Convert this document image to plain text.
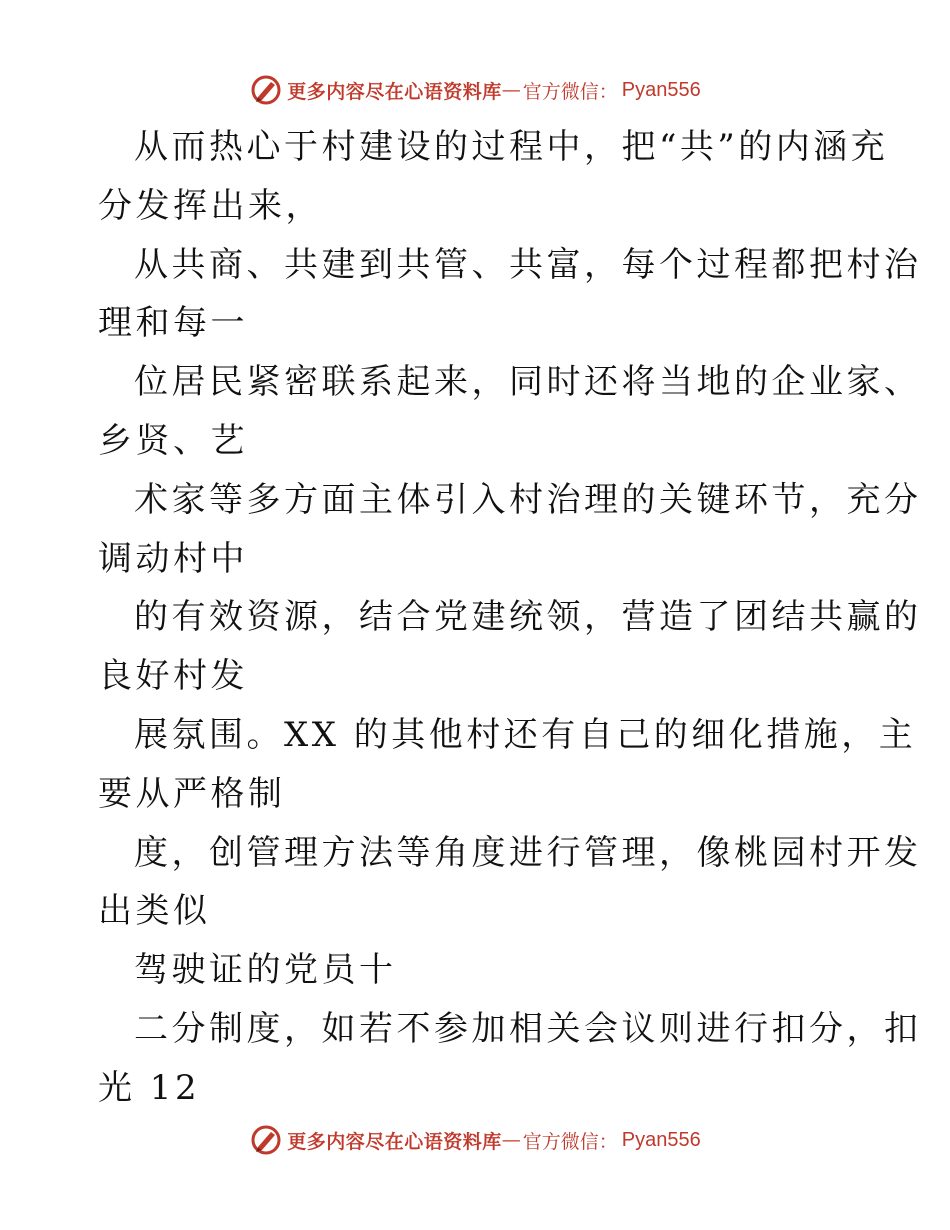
更多内容尽在心语资料库 — 官方微信： Pyan556
从而热心于村建设的过程中，把“共”的内涵充
分发挥出来，
从共商、共建到共管、共富，每个过程都把村治
理和每一
位居民紧密联系起来，同时还将当地的企业家、
乡贤、艺
术家等多方面主体引入村治理的关键环节，充分
调动村中
的有效资源，结合党建统领，营造了团结共赢的
良好村发
展氛围。XX 的其他村还有自己的细化措施，主
要从严格制
度，创管理方法等角度进行管理，像桃园村开发
出类似
驾驶证的党员十
二分制度，如若不参加相关会议则进行扣分，扣
光 12
更多内容尽在心语资料库 — 官方微信： Pyan556
